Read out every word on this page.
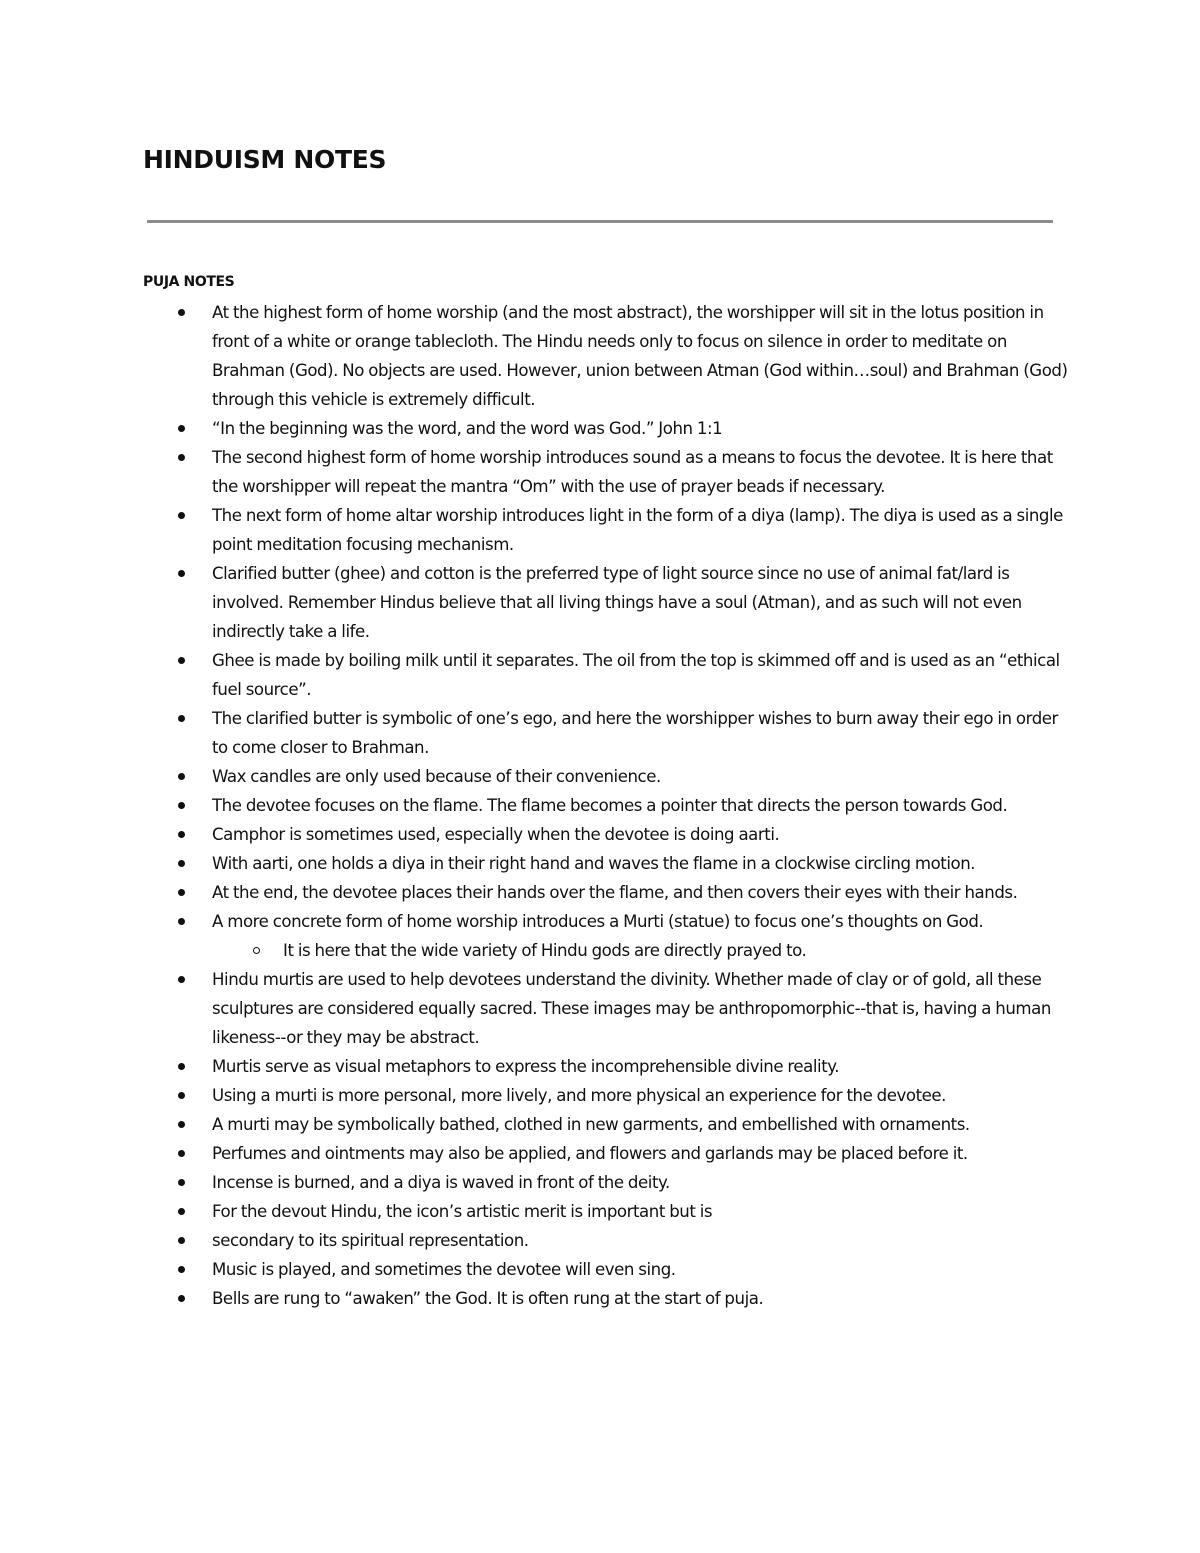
HINDUISM NOTES
PUJA NOTES
At the highest form of home worship (and the most abstract), the worshipper will sit in the lotus position in front of a white or orange tablecloth. The Hindu needs only to focus on silence in order to meditate on Brahman (God). No objects are used. However, union between Atman (God within…soul) and Brahman (God) through this vehicle is extremely difficult.
“In the beginning was the word, and the word was God.” John 1:1
The second highest form of home worship introduces sound as a means to focus the devotee. It is here that the worshipper will repeat the mantra “Om” with the use of prayer beads if necessary.
The next form of home altar worship introduces light in the form of a diya (lamp). The diya is used as a single point meditation focusing mechanism.
Clarified butter (ghee) and cotton is the preferred type of light source since no use of animal fat/lard is involved. Remember Hindus believe that all living things have a soul (Atman), and as such will not even indirectly take a life.
Ghee is made by boiling milk until it separates. The oil from the top is skimmed off and is used as an “ethical fuel source”.
The clarified butter is symbolic of one’s ego, and here the worshipper wishes to burn away their ego in order to come closer to Brahman.
Wax candles are only used because of their convenience.
The devotee focuses on the flame. The flame becomes a pointer that directs the person towards God.
Camphor is sometimes used, especially when the devotee is doing aarti.
With aarti, one holds a diya in their right hand and waves the flame in a clockwise circling motion.
At the end, the devotee places their hands over the flame, and then covers their eyes with their hands.
A more concrete form of home worship introduces a Murti (statue) to focus one’s thoughts on God.
It is here that the wide variety of Hindu gods are directly prayed to.
Hindu murtis are used to help devotees understand the divinity. Whether made of clay or of gold, all these sculptures are considered equally sacred. These images may be anthropomorphic--that is, having a human likeness--or they may be abstract.
Murtis serve as visual metaphors to express the incomprehensible divine reality.
Using a murti is more personal, more lively, and more physical an experience for the devotee.
A murti may be symbolically bathed, clothed in new garments, and embellished with ornaments.
Perfumes and ointments may also be applied, and flowers and garlands may be placed before it.
Incense is burned, and a diya is waved in front of the deity.
For the devout Hindu, the icon’s artistic merit is important but is
secondary to its spiritual representation.
Music is played, and sometimes the devotee will even sing.
Bells are rung to “awaken” the God. It is often rung at the start of puja.
